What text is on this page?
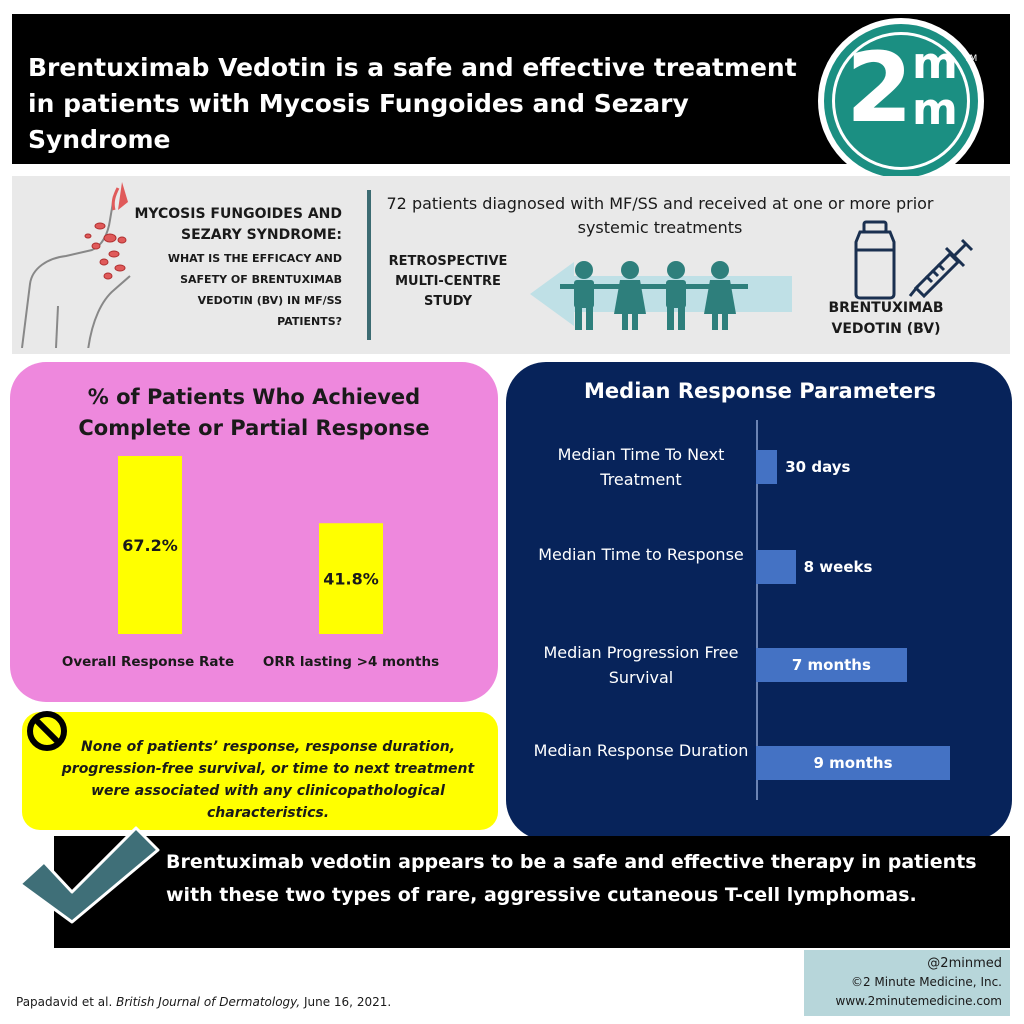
Brentuximab Vedotin is a safe and effective treatment in patients with Mycosis Fungoides and Sezary Syndrome	2 m
m
TM
MYCOSIS FUNGOIDES AND SEZARY SYNDROME:
WHAT IS THE EFFICACY AND SAFETY OF BRENTUXIMAB VEDOTIN (BV) IN MF/SS PATIENTS?
72 patients diagnosed with MF/SS and received at one or more prior systemic treatments
RETROSPECTIVE MULTI-CENTRE STUDY	BRENTUXIMAB VEDOTIN (BV)
% of Patients Who Achieved Complete or Partial Response
67.2%
Overall Response Rate
41.8%
ORR lasting >4 months
Median Response Parameters
Median Time To Next Treatment
30 days
Median Time to Response
8 weeks
Median Progression Free Survival
7 months
Median Response Duration
9 months
None of patients’ response, response duration, progression-free survival, or time to next treatment were associated with any clinicopathological characteristics.
Brentuximab vedotin appears to be a safe and effective therapy in patients with these two types of rare, aggressive cutaneous T-cell lymphomas.
@2minmed
©2 Minute Medicine, Inc.
www.2minutemedicine.com
Papadavid et al. British Journal of Dermatology, June 16, 2021.
